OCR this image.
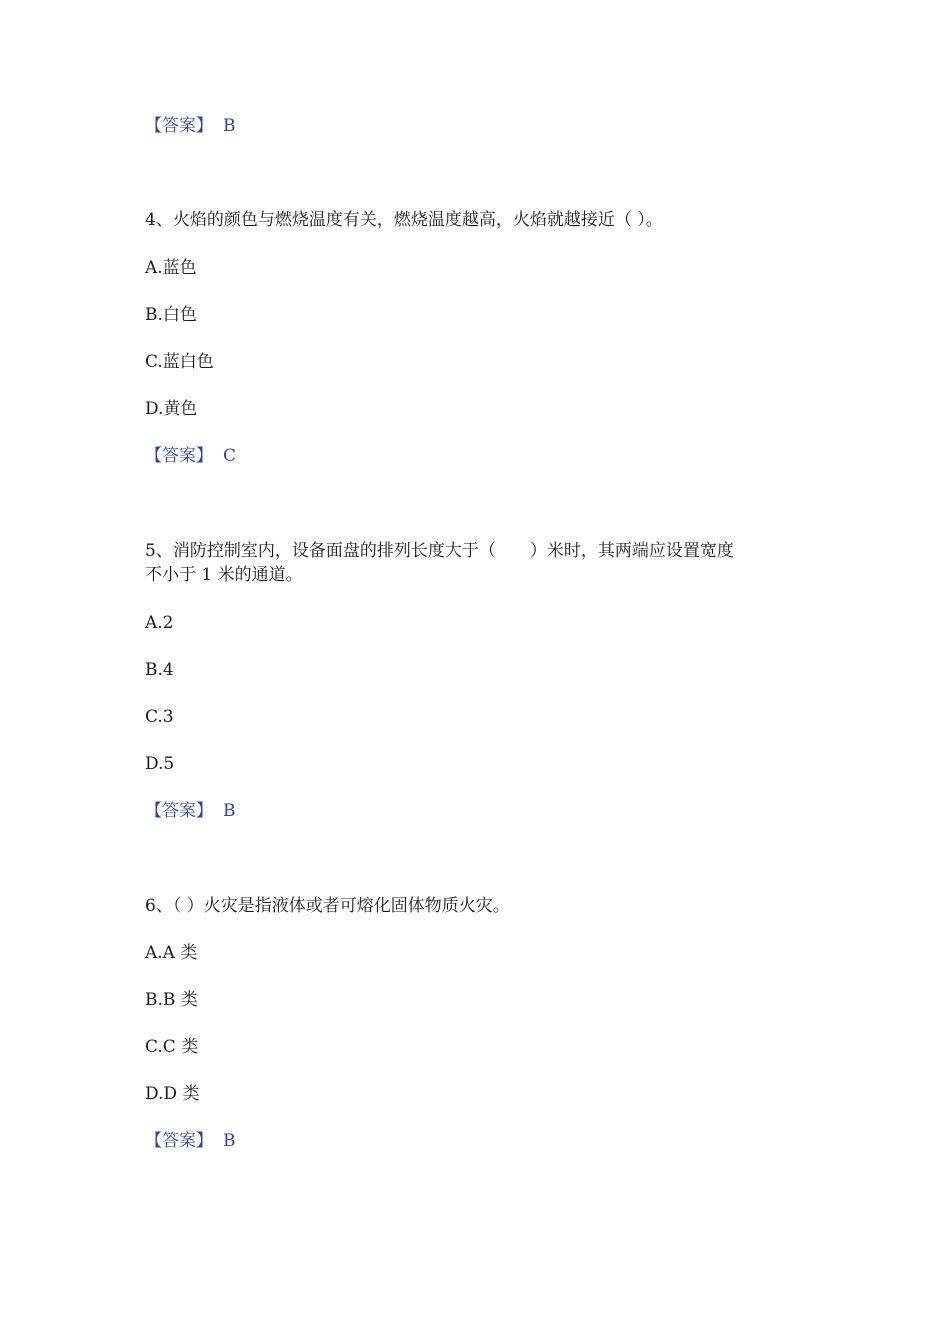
【答案】 B
4、火焰的颜色与燃烧温度有关，燃烧温度越高，火焰就越接近（ ）。
A.蓝色
B.白色
C.蓝白色
D.黄色
【答案】 C
5、消防控制室内，设备面盘的排列长度大于（　　）米时，其两端应设置宽度
不小于 1 米的通道。
A.2
B.4
C.3
D.5
【答案】 B
6、（ ）火灾是指液体或者可熔化固体物质火灾。
A.A 类
B.B 类
C.C 类
D.D 类
【答案】 B
